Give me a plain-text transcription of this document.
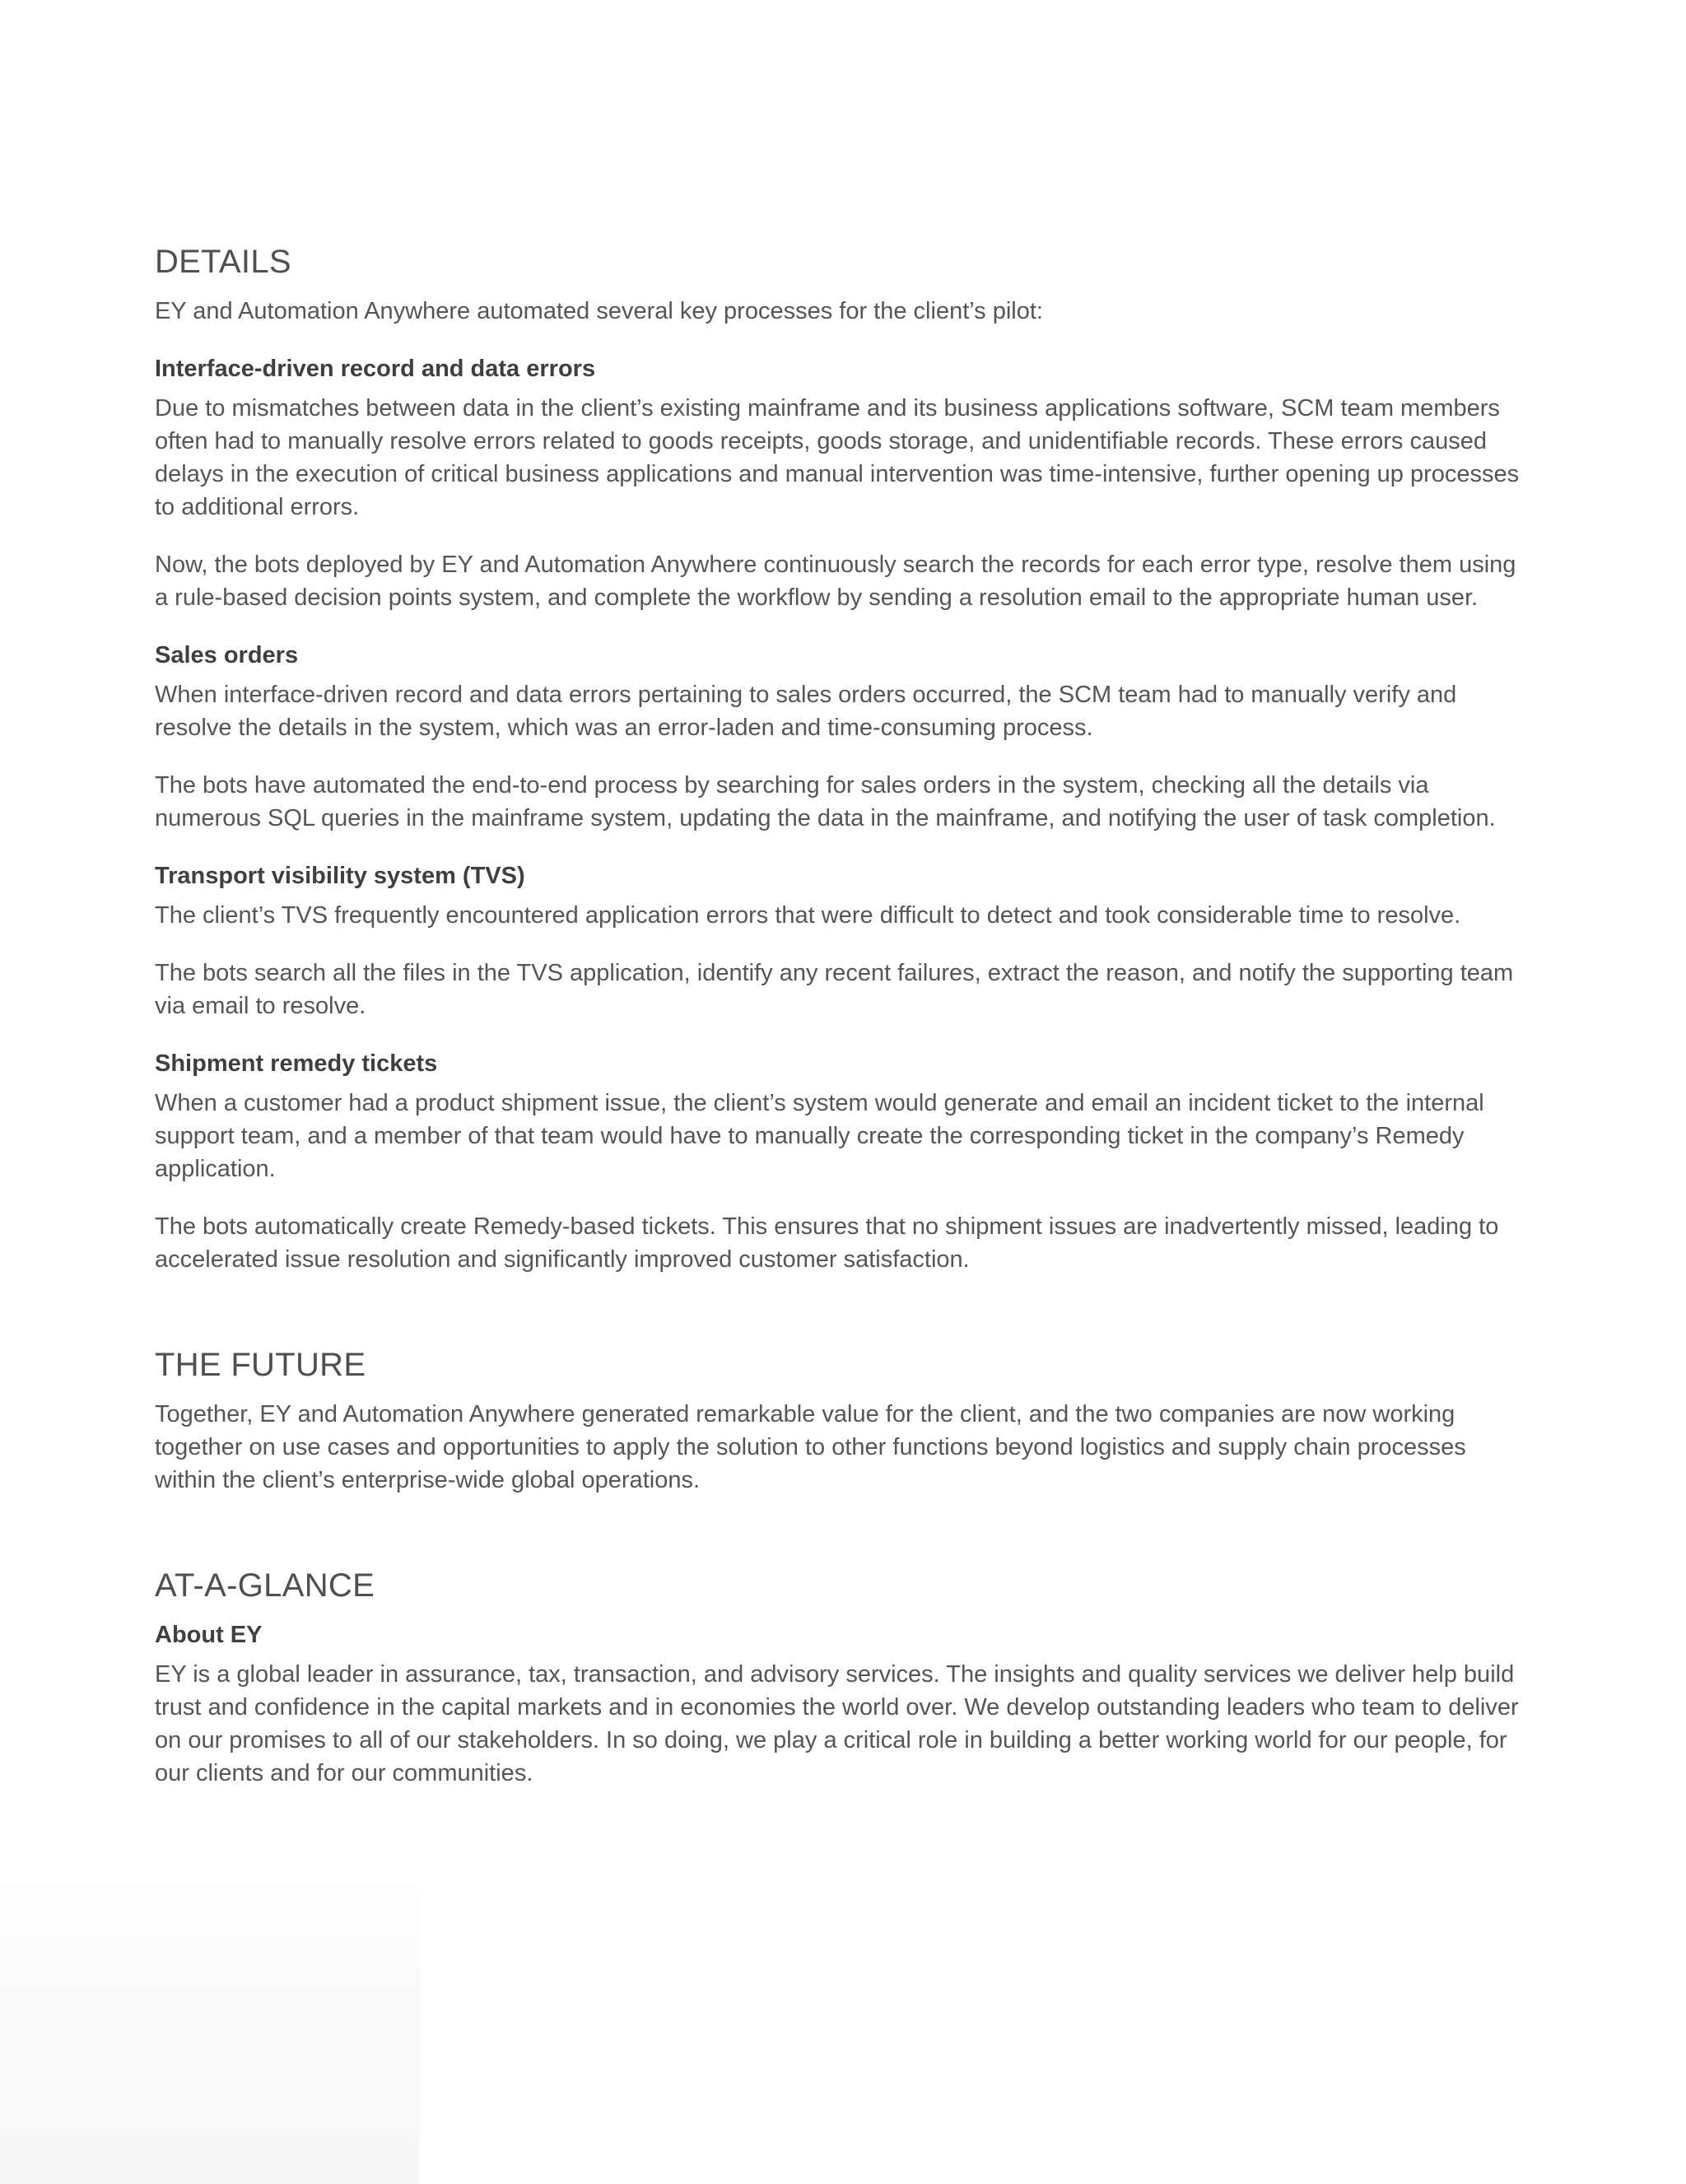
DETAILS

EY and Automation Anywhere automated several key processes for the client’s pilot:

Interface-driven record and data errors

Due to mismatches between data in the client’s existing mainframe and its business applications software, SCM team members often had to manually resolve errors related to goods receipts, goods storage, and unidentifiable records. These errors caused delays in the execution of critical business applications and manual intervention was time-intensive, further opening up processes to additional errors.

Now, the bots deployed by EY and Automation Anywhere continuously search the records for each error type, resolve them using a rule-based decision points system, and complete the workflow by sending a resolution email to the appropriate human user.

Sales orders

When interface-driven record and data errors pertaining to sales orders occurred, the SCM team had to manually verify and resolve the details in the system, which was an error-laden and time-consuming process.

The bots have automated the end-to-end process by searching for sales orders in the system, checking all the details via numerous SQL queries in the mainframe system, updating the data in the mainframe, and notifying the user of task completion.

Transport visibility system (TVS)

The client’s TVS frequently encountered application errors that were difficult to detect and took considerable time to resolve.

The bots search all the files in the TVS application, identify any recent failures, extract the reason, and notify the supporting team via email to resolve.

Shipment remedy tickets

When a customer had a product shipment issue, the client’s system would generate and email an incident ticket to the internal support team, and a member of that team would have to manually create the corresponding ticket in the company’s Remedy application.

The bots automatically create Remedy-based tickets. This ensures that no shipment issues are inadvertently missed, leading to accelerated issue resolution and significantly improved customer satisfaction.

THE FUTURE

Together, EY and Automation Anywhere generated remarkable value for the client, and the two companies are now working together on use cases and opportunities to apply the solution to other functions beyond logistics and supply chain processes within the client’s enterprise-wide global operations.

AT-A-GLANCE
About EY

EY is a global leader in assurance, tax, transaction, and advisory services. The insights and quality services we deliver help build trust and confidence in the capital markets and in economies the world over. We develop outstanding leaders who team to deliver on our promises to all of our stakeholders. In so doing, we play a critical role in building a better working world for our people, for our clients and for our communities.
